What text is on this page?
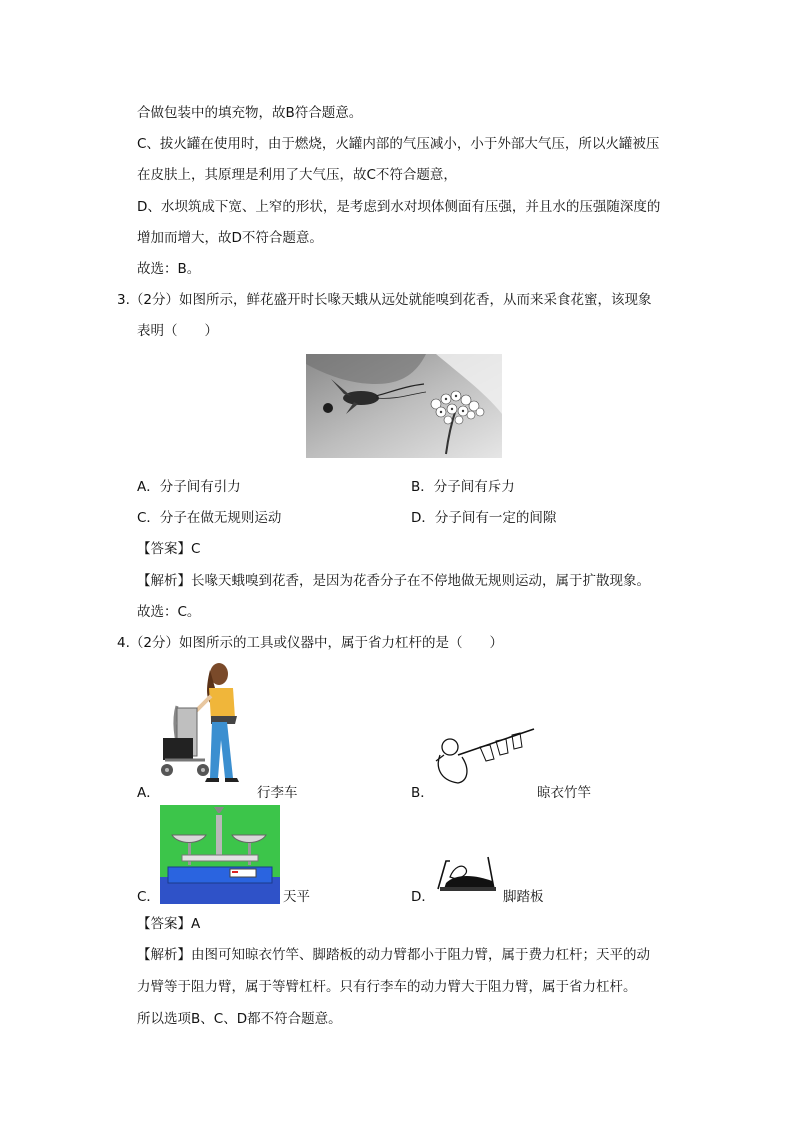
合做包装中的填充物，故B符合题意。
C、拔火罐在使用时，由于燃烧，火罐内部的气压减小，小于外部大气压，所以火罐被压
在皮肤上，其原理是利用了大气压，故C不符合题意，
D、水坝筑成下宽、上窄的形状，是考虑到水对坝体侧面有压强，并且水的压强随深度的
增加而增大，故D不符合题意。
故选：B。
3.（2分）如图所示，鲜花盛开时长喙天蛾从远处就能嗅到花香，从而来采食花蜜，该现象
表明（　　）
A．分子间有引力	B．分子间有斥力
C．分子在做无规则运动	D．分子间有一定的间隙
【答案】C
【解析】长喙天蛾嗅到花香，是因为花香分子在不停地做无规则运动，属于扩散现象。
故选：C。
4.（2分）如图所示的工具或仪器中，属于省力杠杆的是（　　）
A．	行李车	B．	晾衣竹竿
C．	天平	D．	脚踏板
【答案】A
【解析】由图可知晾衣竹竿、脚踏板的动力臂都小于阻力臂，属于费力杠杆；天平的动
力臂等于阻力臂，属于等臂杠杆。只有行李车的动力臂大于阻力臂，属于省力杠杆。
所以选项B、C、D都不符合题意。
